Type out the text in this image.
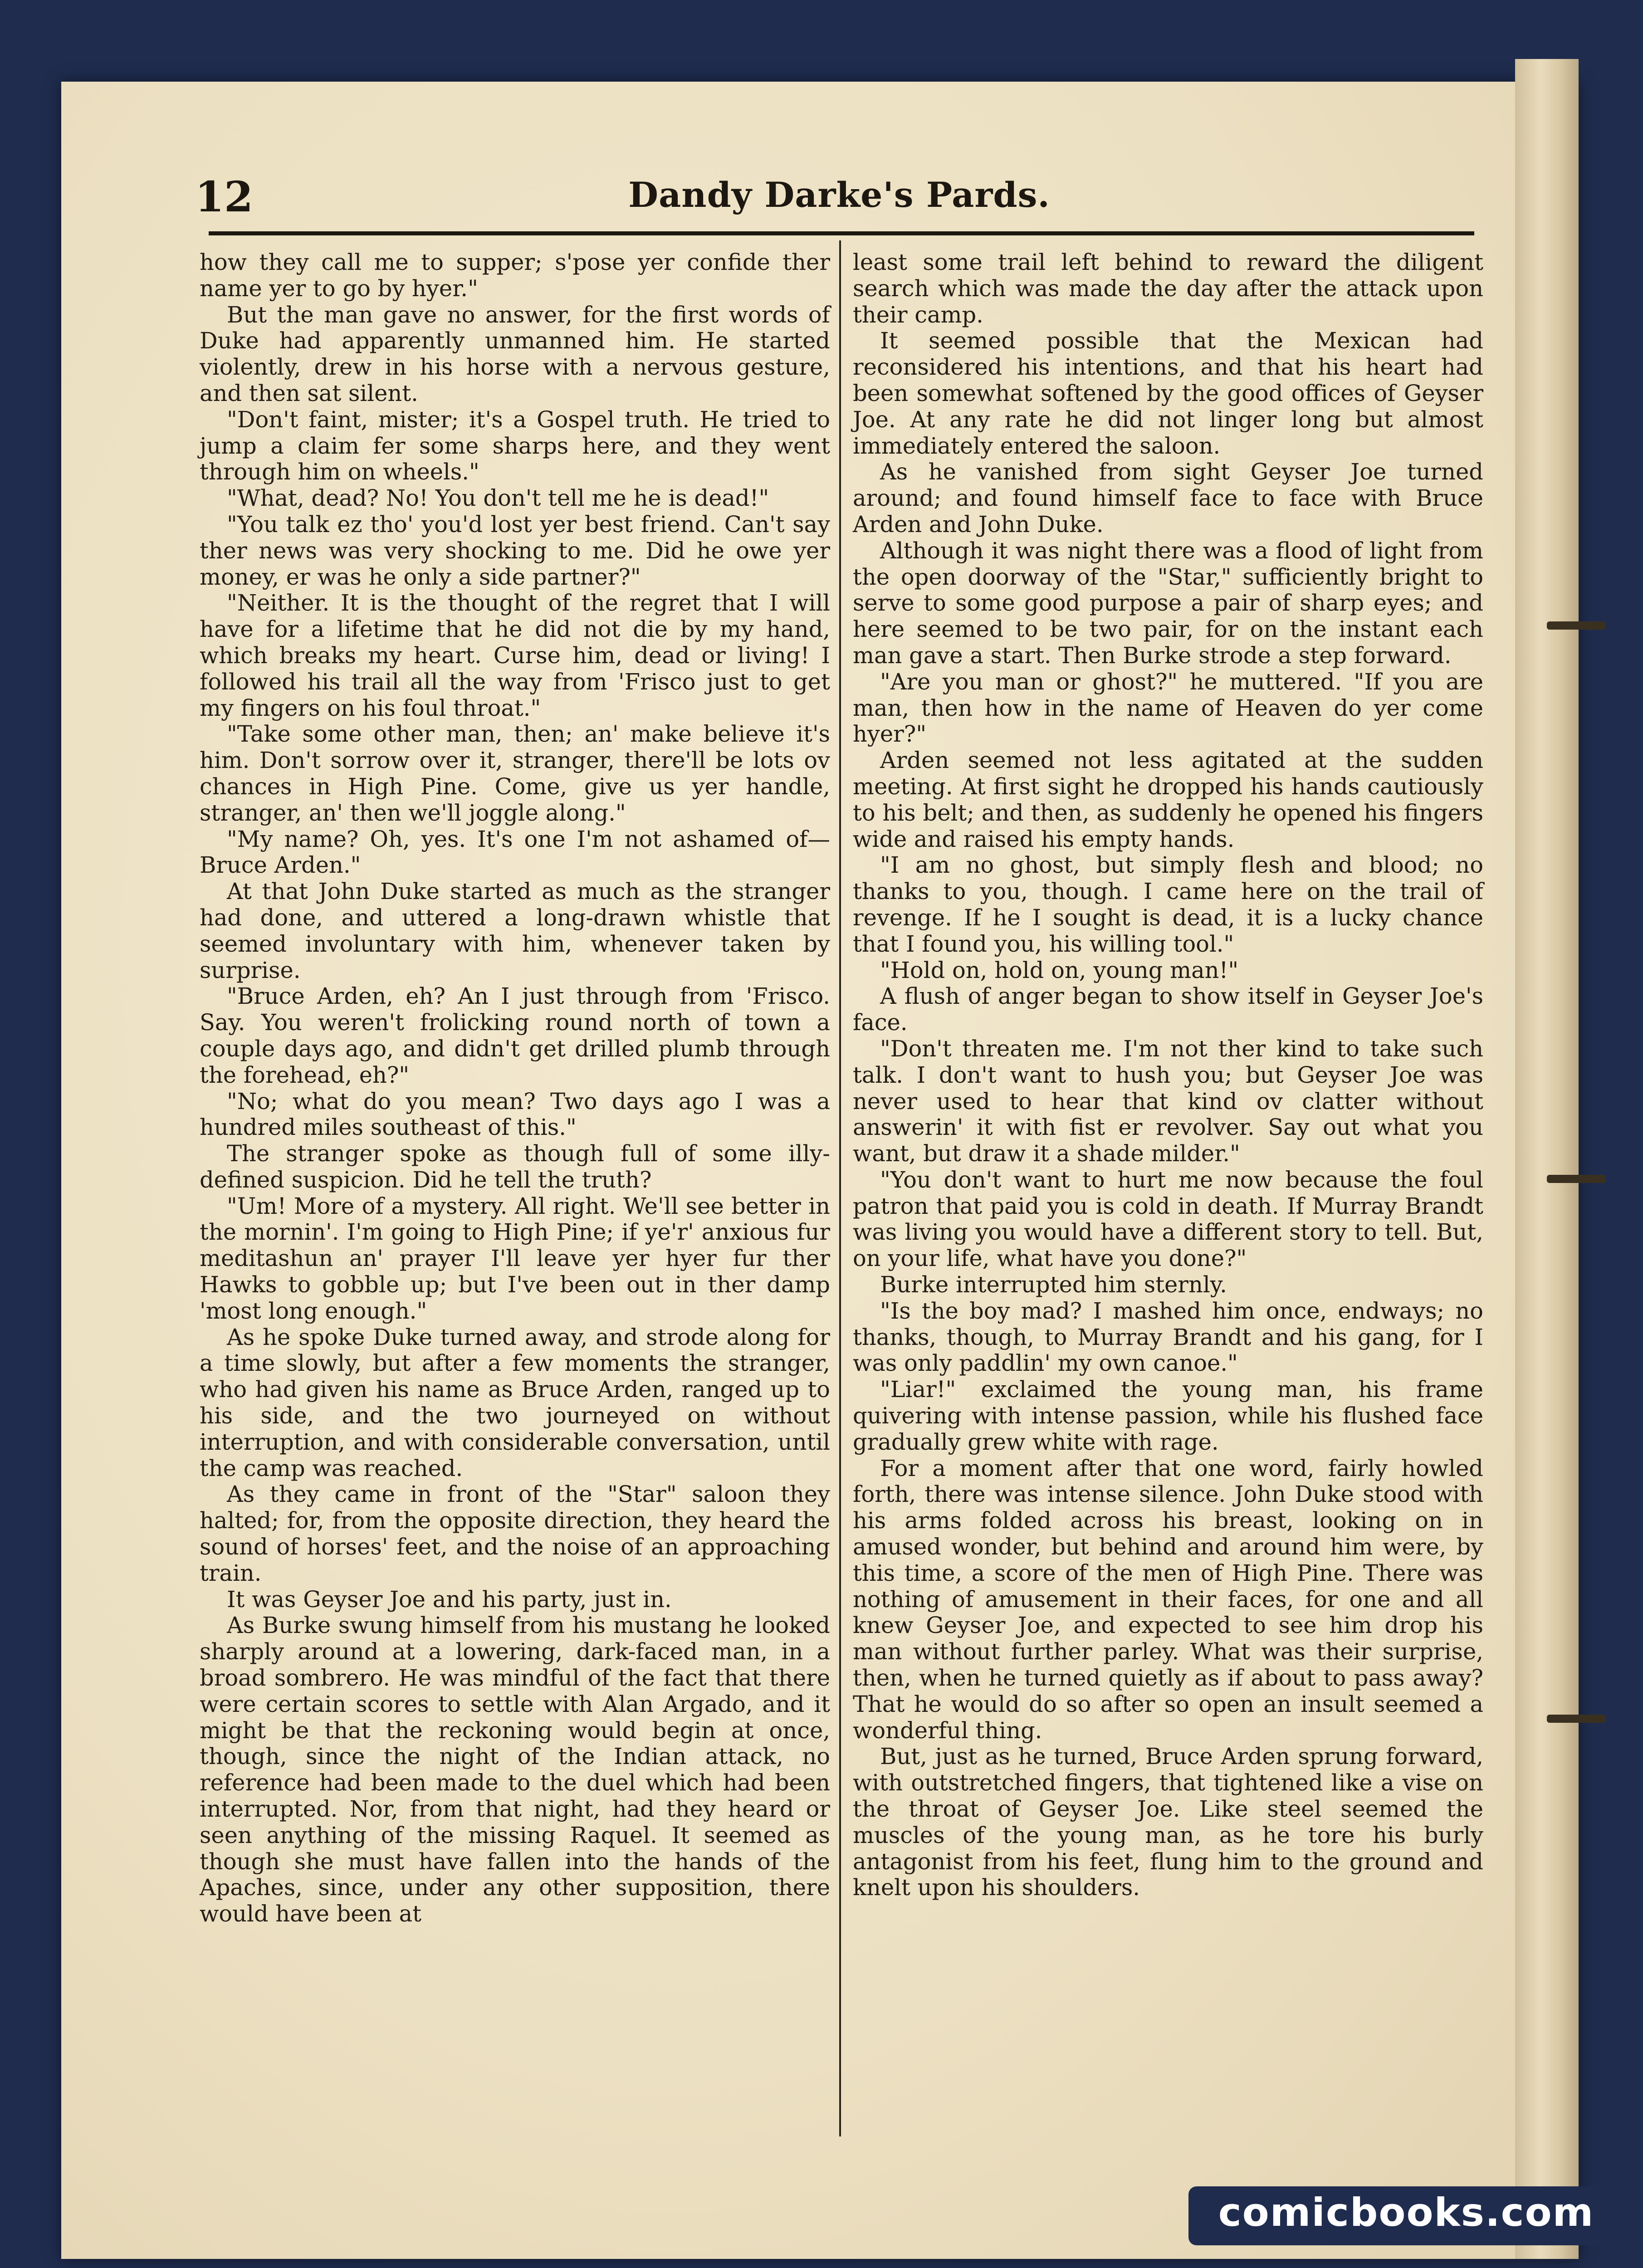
12	Dandy Darke's Pards.

how they call me to supper; s'pose yer confide ther name yer to go by hyer."

But the man gave no answer, for the first words of Duke had apparently unmanned him. He started violently, drew in his horse with a nervous gesture, and then sat silent.

"Don't faint, mister; it's a Gospel truth. He tried to jump a claim fer some sharps here, and they went through him on wheels."

"What, dead? No! You don't tell me he is dead!"

"You talk ez tho' you'd lost yer best friend. Can't say ther news was very shocking to me. Did he owe yer money, er was he only a side partner?"

"Neither. It is the thought of the regret that I will have for a lifetime that he did not die by my hand, which breaks my heart. Curse him, dead or living! I followed his trail all the way from 'Frisco just to get my fingers on his foul throat."

"Take some other man, then; an' make believe it's him. Don't sorrow over it, stranger, there'll be lots ov chances in High Pine. Come, give us yer handle, stranger, an' then we'll joggle along."

"My name? Oh, yes. It's one I'm not ashamed of—Bruce Arden."

At that John Duke started as much as the stranger had done, and uttered a long-drawn whistle that seemed involuntary with him, whenever taken by surprise.

"Bruce Arden, eh? An I just through from 'Frisco. Say. You weren't frolicking round north of town a couple days ago, and didn't get drilled plumb through the forehead, eh?"

"No; what do you mean? Two days ago I was a hundred miles southeast of this."

The stranger spoke as though full of some illy-defined suspicion. Did he tell the truth?

"Um! More of a mystery. All right. We'll see better in the mornin'. I'm going to High Pine; if ye'r' anxious fur meditashun an' prayer I'll leave yer hyer fur ther Hawks to gobble up; but I've been out in ther damp 'most long enough."

As he spoke Duke turned away, and strode along for a time slowly, but after a few moments the stranger, who had given his name as Bruce Arden, ranged up to his side, and the two journeyed on without interruption, and with considerable conversation, until the camp was reached.

As they came in front of the "Star" saloon they halted; for, from the opposite direction, they heard the sound of horses' feet, and the noise of an approaching train.

It was Geyser Joe and his party, just in.

As Burke swung himself from his mustang he looked sharply around at a lowering, dark-faced man, in a broad sombrero. He was mindful of the fact that there were certain scores to settle with Alan Argado, and it might be that the reckoning would begin at once, though, since the night of the Indian attack, no reference had been made to the duel which had been interrupted. Nor, from that night, had they heard or seen anything of the missing Raquel. It seemed as though she must have fallen into the hands of the Apaches, since, under any other supposition, there would have been at

least some trail left behind to reward the diligent search which was made the day after the attack upon their camp.

It seemed possible that the Mexican had reconsidered his intentions, and that his heart had been somewhat softened by the good offices of Geyser Joe. At any rate he did not linger long but almost immediately entered the saloon.

As he vanished from sight Geyser Joe turned around; and found himself face to face with Bruce Arden and John Duke.

Although it was night there was a flood of light from the open doorway of the "Star," sufficiently bright to serve to some good purpose a pair of sharp eyes; and here seemed to be two pair, for on the instant each man gave a start. Then Burke strode a step forward.

"Are you man or ghost?" he muttered. "If you are man, then how in the name of Heaven do yer come hyer?"

Arden seemed not less agitated at the sudden meeting. At first sight he dropped his hands cautiously to his belt; and then, as suddenly he opened his fingers wide and raised his empty hands.

"I am no ghost, but simply flesh and blood; no thanks to you, though. I came here on the trail of revenge. If he I sought is dead, it is a lucky chance that I found you, his willing tool."

"Hold on, hold on, young man!"

A flush of anger began to show itself in Geyser Joe's face.

"Don't threaten me. I'm not ther kind to take such talk. I don't want to hush you; but Geyser Joe was never used to hear that kind ov clatter without answerin' it with fist er revolver. Say out what you want, but draw it a shade milder."

"You don't want to hurt me now because the foul patron that paid you is cold in death. If Murray Brandt was living you would have a different story to tell. But, on your life, what have you done?"

Burke interrupted him sternly.

"Is the boy mad? I mashed him once, endways; no thanks, though, to Murray Brandt and his gang, for I was only paddlin' my own canoe."

"Liar!" exclaimed the young man, his frame quivering with intense passion, while his flushed face gradually grew white with rage.

For a moment after that one word, fairly howled forth, there was intense silence. John Duke stood with his arms folded across his breast, looking on in amused wonder, but behind and around him were, by this time, a score of the men of High Pine. There was nothing of amusement in their faces, for one and all knew Geyser Joe, and expected to see him drop his man without further parley. What was their surprise, then, when he turned quietly as if about to pass away? That he would do so after so open an insult seemed a wonderful thing.

But, just as he turned, Bruce Arden sprung forward, with outstretched fingers, that tightened like a vise on the throat of Geyser Joe. Like steel seemed the muscles of the young man, as he tore his burly antagonist from his feet, flung him to the ground and knelt upon his shoulders.

comicbooks.com
